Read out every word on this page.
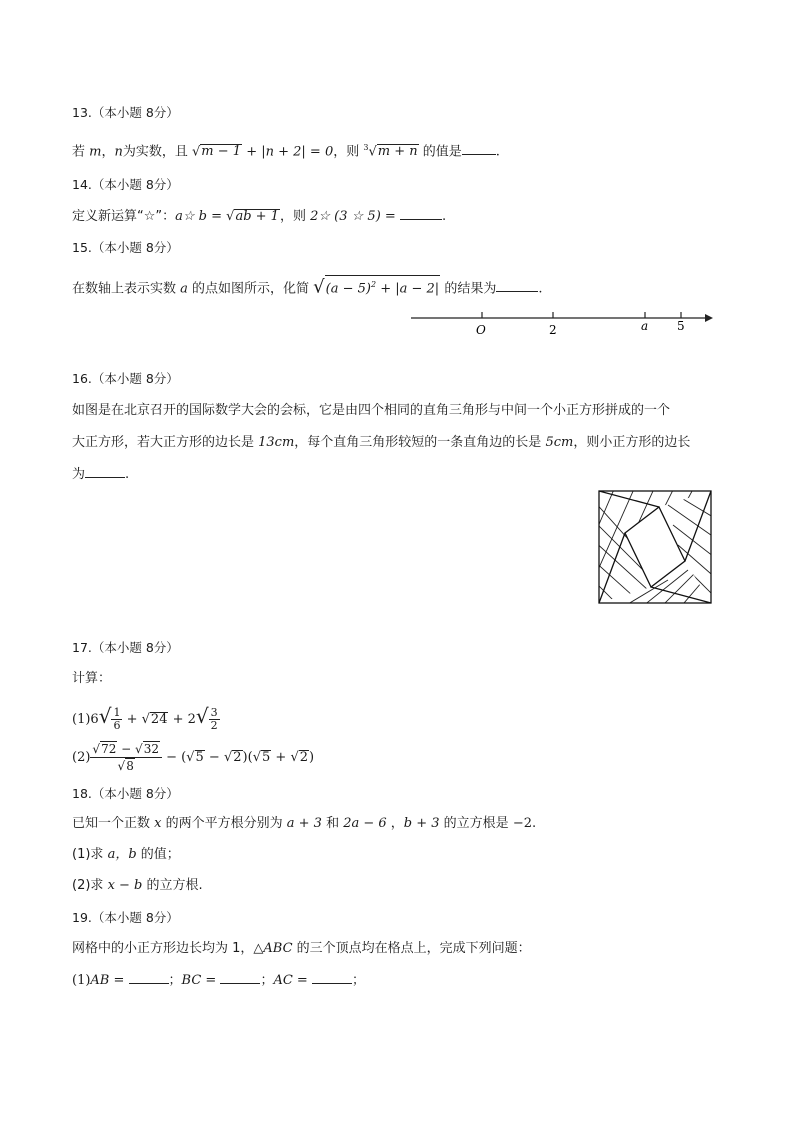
13.（本小题 8分）
若 m，n为实数，且 √m − 1 + |n + 2| = 0，则 $^3$√m + n 的值是	.
14.（本小题 8分）
定义新运算“☆”：a☆ b = √ab + 1，则 2☆ (3 ☆ 5) =	.
15.（本小题 8分）
在数轴上表示实数 a 的点如图所示，化简 $√(a - 5)^2 + |a - 2|$ 的结果为	.
O	2	a 5
16.（本小题 8分）
如图是在北京召开的国际数学大会的会标，它是由四个相同的直角三角形与中间一个小正方形拼成的一个
大正方形，若大正方形的边长是 13cm，每个直角三角形较短的一条直角边的长是 5cm，则小正方形的边长
为	.
17.（本小题 8分）
计算：
$(1)6√ \frac{1}{6} + √24 + 2√ \frac{3}{2}$
$(2) \frac{√72 - √32}{√8} - (√5 - √2)(√5 + √2)$
18.（本小题 8分）
已知一个正数 x 的两个平方根分别为 a + 3 和 2a − 6 ，b + 3 的立方根是 −2.
(1)求 a，b 的值；
(2)求 x − b 的立方根.
19.（本小题 8分）
网格中的小正方形边长均为 1，△ABC 的三个顶点均在格点上，完成下列问题：
(1)AB =	；BC =	；AC =	；
